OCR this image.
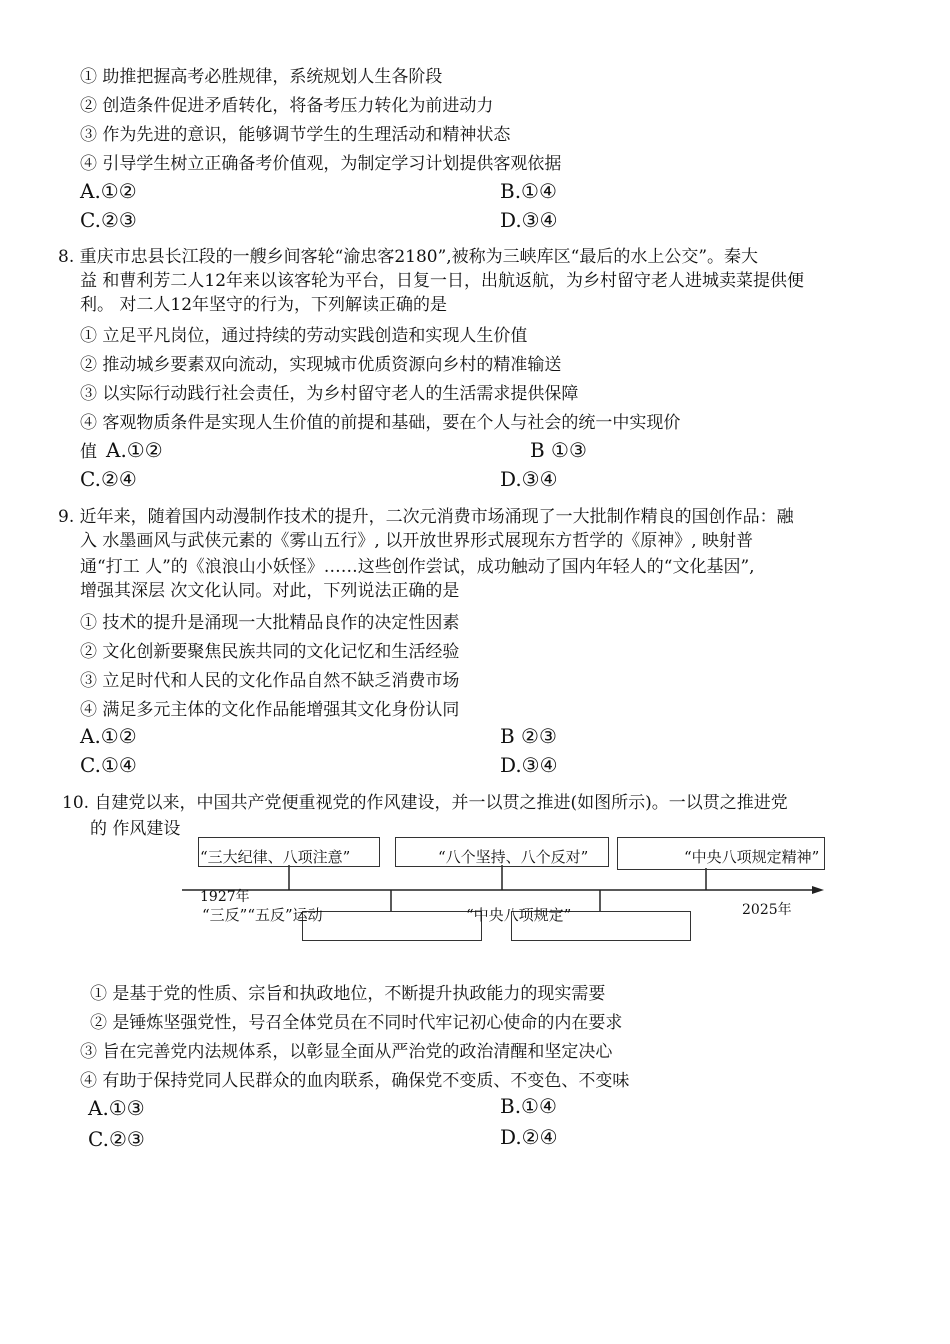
① 助推把握高考必胜规律，系统规划人生各阶段
② 创造条件促进矛盾转化，将备考压力转化为前进动力
③ 作为先进的意识，能够调节学生的生理活动和精神状态
④ 引导学生树立正确备考价值观，为制定学习计划提供客观依据
A.①②	B.①④
C.②③	D.③④
8. 重庆市忠县长江段的一艘乡间客轮“渝忠客2180”,被称为三峡库区“最后的水上公交”。秦大
益 和曹利芳二人12年来以该客轮为平台，日复一日，出航返航，为乡村留守老人进城卖菜提供便
利。 对二人12年坚守的行为，下列解读正确的是
① 立足平凡岗位，通过持续的劳动实践创造和实现人生价值
② 推动城乡要素双向流动，实现城市优质资源向乡村的精准输送
③ 以实际行动践行社会责任，为乡村留守老人的生活需求提供保障
④ 客观物质条件是实现人生价值的前提和基础，要在个人与社会的统一中实现价
值 A.①②	B ①③
C.②④	D.③④
9. 近年来，随着国内动漫制作技术的提升，二次元消费市场涌现了一大批制作精良的国创作品：融
入 水墨画风与武侠元素的《雾山五行》, 以开放世界形式展现东方哲学的《原神》, 映射普
通“打工 人”的《浪浪山小妖怪》……这些创作尝试，成功触动了国内年轻人的“文化基因”,
增强其深层 次文化认同。对此，下列说法正确的是
① 技术的提升是涌现一大批精品良作的决定性因素
② 文化创新要聚焦民族共同的文化记忆和生活经验
③ 立足时代和人民的文化作品自然不缺乏消费市场
④ 满足多元主体的文化作品能增强其文化身份认同
A.①②	B ②③
C.①④	D.③④
10. 自建党以来，中国共产党便重视党的作风建设，并一以贯之推进(如图所示)。一以贯之推进党
的 作风建设
“三大纪律、八项注意”	“八个坚持、八个反对”	“中央八项规定精神”
“三反”“五反”运动	“中央八项规定”
1927年
2025年
① 是基于党的性质、宗旨和执政地位，不断提升执政能力的现实需要
② 是锤炼坚强党性，号召全体党员在不同时代牢记初心使命的内在要求
③ 旨在完善党内法规体系，以彰显全面从严治党的政治清醒和坚定决心
④ 有助于保持党同人民群众的血肉联系，确保党不变质、不变色、不变味
A.①③	B.①④
C.②③	D.②④
